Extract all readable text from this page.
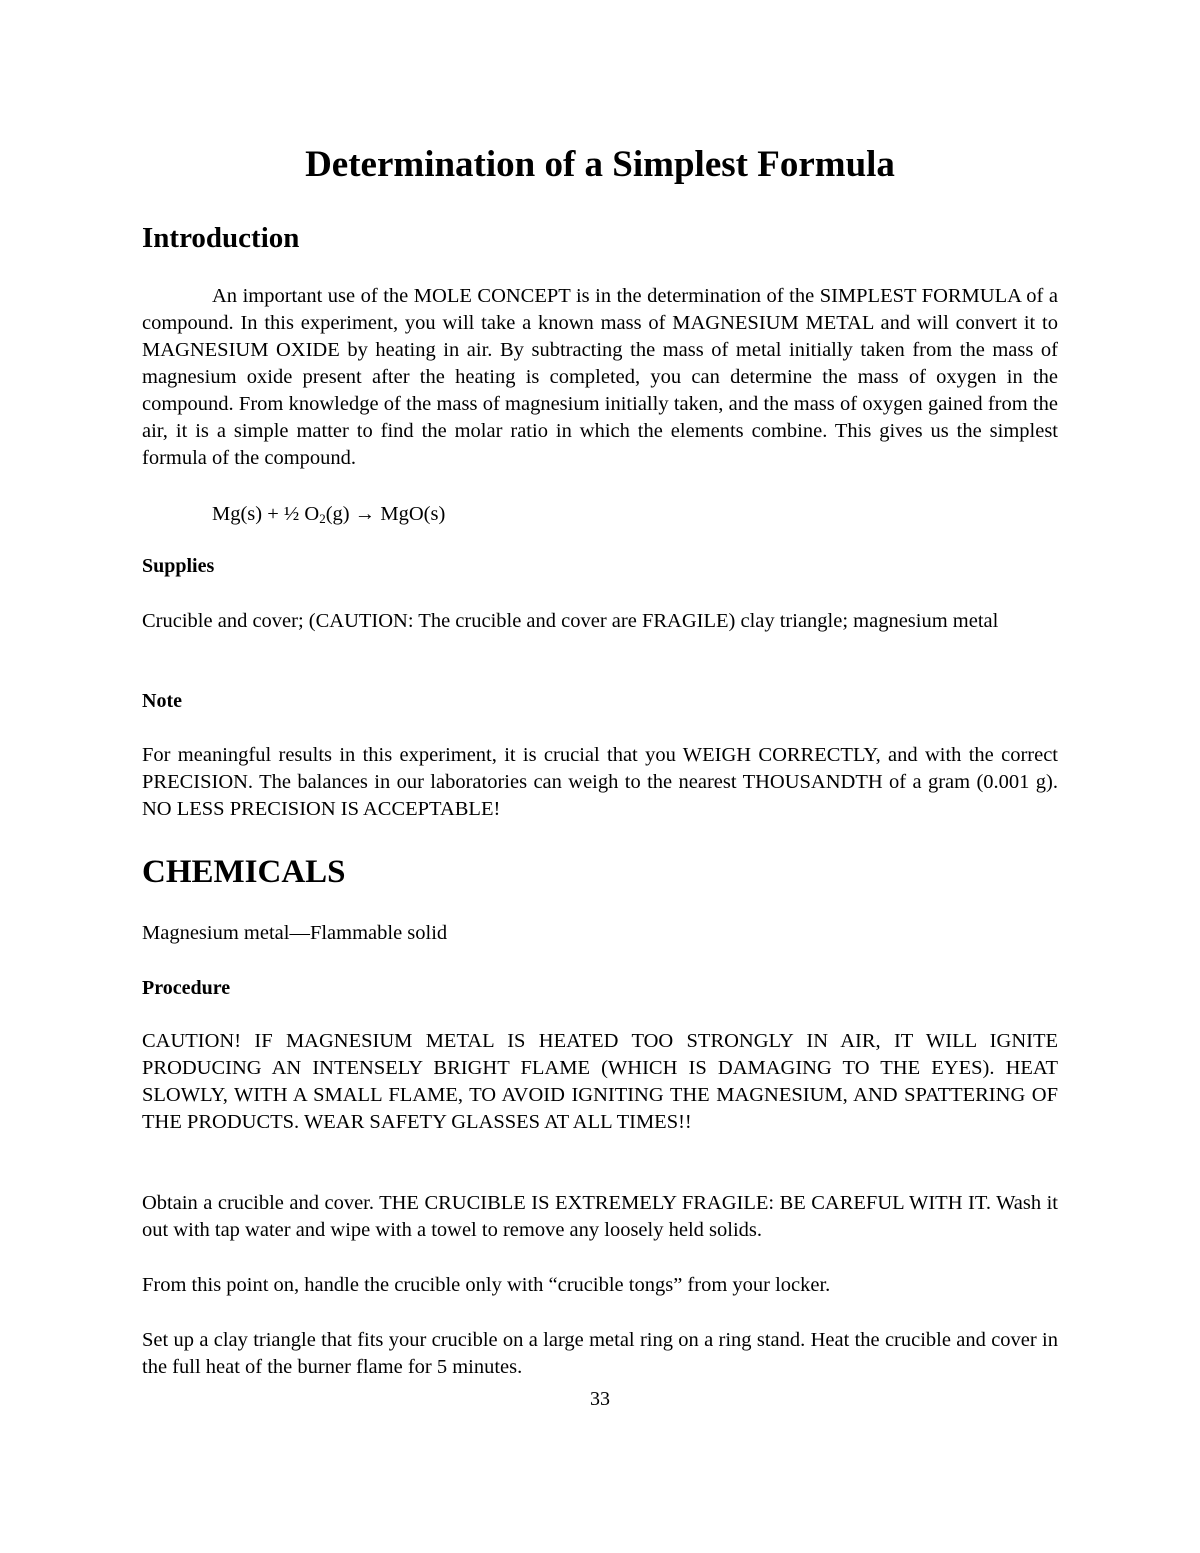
Determination of a Simplest Formula
Introduction

An important use of the MOLE CONCEPT is in the determination of the SIMPLEST FORMULA of a compound. In this experiment, you will take a known mass of MAGNESIUM METAL and will convert it to MAGNESIUM OXIDE by heating in air. By subtracting the mass of metal initially taken from the mass of magnesium oxide present after the heating is completed, you can determine the mass of oxygen in the compound. From knowledge of the mass of magnesium initially taken, and the mass of oxygen gained from the air, it is a simple matter to find the molar ratio in which the elements combine. This gives us the simplest formula of the compound.

Mg(s) + ½ $O_2(g) \to MgO(s)$

Supplies

Crucible and cover; (CAUTION: The crucible and cover are FRAGILE) clay triangle; magnesium metal

Note

For meaningful results in this experiment, it is crucial that you WEIGH CORRECTLY, and with the correct PRECISION. The balances in our laboratories can weigh to the nearest THOUSANDTH of a gram (0.001 g). NO LESS PRECISION IS ACCEPTABLE!

CHEMICALS

Magnesium metal—Flammable solid

Procedure

CAUTION! IF MAGNESIUM METAL IS HEATED TOO STRONGLY IN AIR, IT WILL IGNITE PRODUCING AN INTENSELY BRIGHT FLAME (WHICH IS DAMAGING TO THE EYES). HEAT SLOWLY, WITH A SMALL FLAME, TO AVOID IGNITING THE MAGNESIUM, AND SPATTERING OF THE PRODUCTS. WEAR SAFETY GLASSES AT ALL TIMES!!

Obtain a crucible and cover. THE CRUCIBLE IS EXTREMELY FRAGILE: BE CAREFUL WITH IT. Wash it out with tap water and wipe with a towel to remove any loosely held solids.

From this point on, handle the crucible only with “crucible tongs” from your locker.

Set up a clay triangle that fits your crucible on a large metal ring on a ring stand. Heat the crucible and cover in the full heat of the burner flame for 5 minutes.

33
